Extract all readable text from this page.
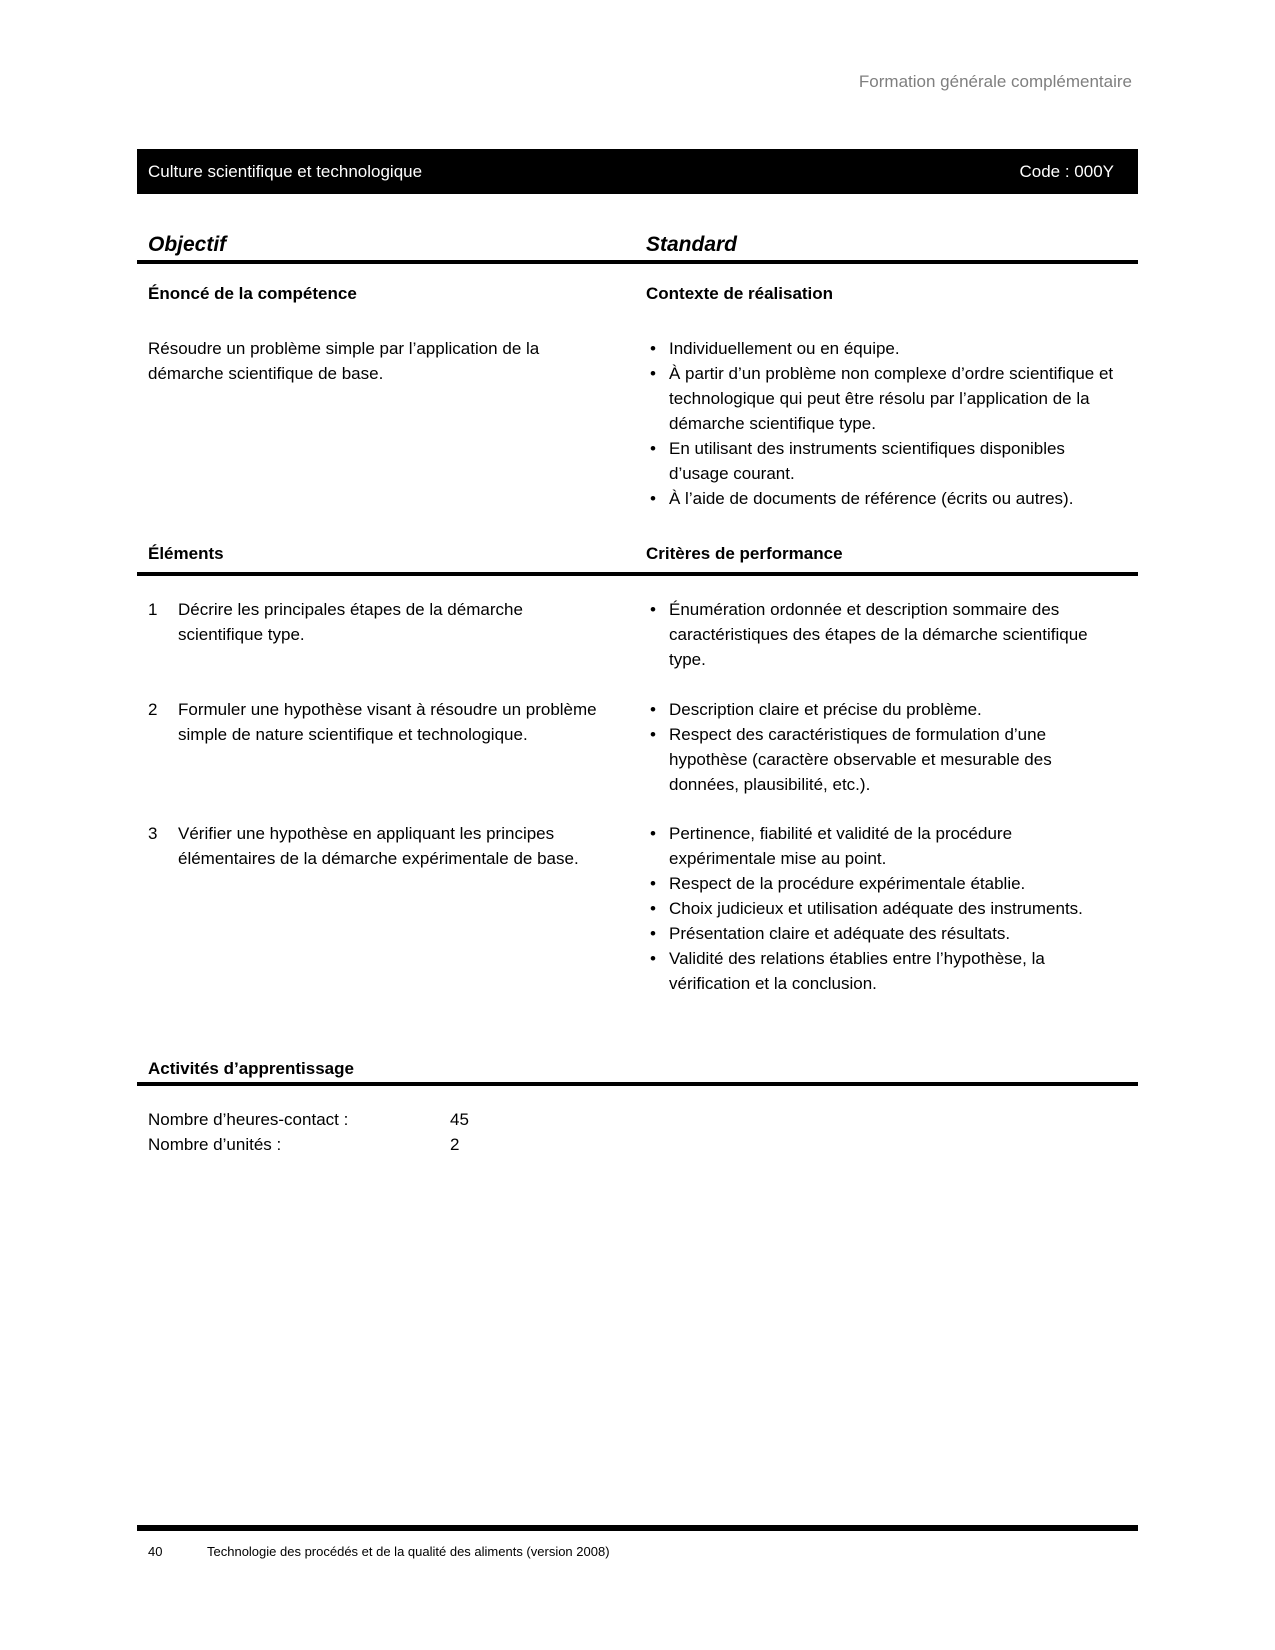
Formation générale complémentaire
Culture scientifique et technologique	Code : 000Y
Objectif	Standard
Énoncé de la compétence	Contexte de réalisation
Résoudre un problème simple par l’application de la démarche scientifique de base.
• Individuellement ou en équipe.
• À partir d’un problème non complexe d’ordre scientifique et technologique qui peut être résolu par l’application de la démarche scientifique type.
• En utilisant des instruments scientifiques disponibles d’usage courant.
• À l’aide de documents de référence (écrits ou autres).
Éléments	Critères de performance
1	Décrire les principales étapes de la démarche scientifique type.
• Énumération ordonnée et description sommaire des caractéristiques des étapes de la démarche scientifique type.
2	Formuler une hypothèse visant à résoudre un problème simple de nature scientifique et technologique.
• Description claire et précise du problème.
• Respect des caractéristiques de formulation d’une hypothèse (caractère observable et mesurable des données, plausibilité, etc.).
3	Vérifier une hypothèse en appliquant les principes élémentaires de la démarche expérimentale de base.
• Pertinence, fiabilité et validité de la procédure expérimentale mise au point.
• Respect de la procédure expérimentale établie.
• Choix judicieux et utilisation adéquate des instruments.
• Présentation claire et adéquate des résultats.
• Validité des relations établies entre l’hypothèse, la vérification et la conclusion.
Activités d’apprentissage
Nombre d’heures-contact :	45
Nombre d’unités :	2
40	Technologie des procédés et de la qualité des aliments (version 2008)
